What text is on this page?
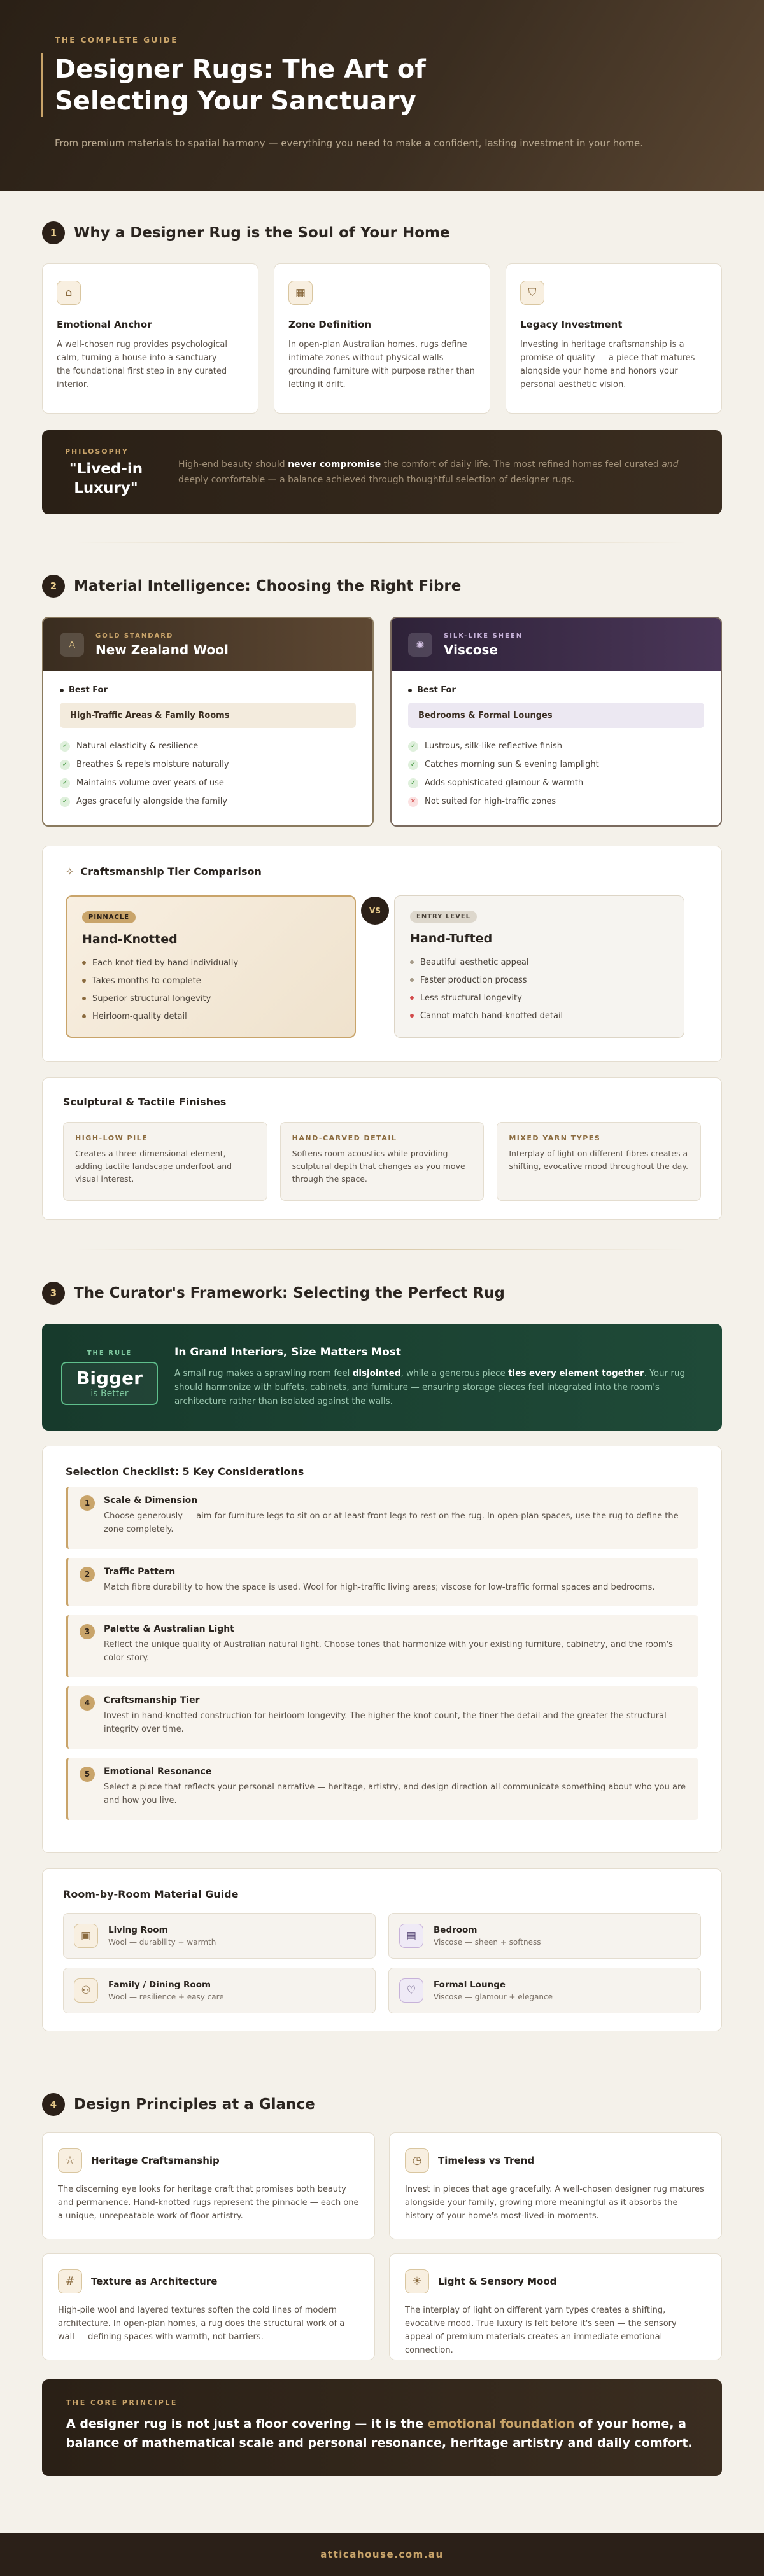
THE COMPLETE GUIDE
Designer Rugs: The Art of Selecting Your Sanctuary

From premium materials to spatial harmony — everything you need to make a confident, lasting investment in your home.

1	Why a Designer Rug is the Soul of Your Home
⌂
Emotional Anchor

A well-chosen rug provides psychological calm, turning a house into a sanctuary — the foundational first step in any curated interior.

▦
Zone Definition

In open-plan Australian homes, rugs define intimate zones without physical walls — grounding furniture with purpose rather than letting it drift.

⛉
Legacy Investment

Investing in heritage craftsmanship is a promise of quality — a piece that matures alongside your home and honors your personal aesthetic vision.

PHILOSOPHY
"Lived-in Luxury"

High-end beauty should never compromise the comfort of daily life. The most refined homes feel curated and deeply comfortable — a balance achieved through thoughtful selection of designer rugs.

2	Material Intelligence: Choosing the Right Fibre
♙
GOLD STANDARD
New Zealand Wool
Best For
High-Traffic Areas & Family Rooms
✓ Natural elasticity & resilience
✓ Breathes & repels moisture naturally
✓ Maintains volume over years of use
✓ Ages gracefully alongside the family
✺
SILK-LIKE SHEEN
Viscose
Best For
Bedrooms & Formal Lounges
✓ Lustrous, silk-like reflective finish
✓ Catches morning sun & evening lamplight
✓ Adds sophisticated glamour & warmth
✕ Not suited for high-traffic zones
✧ Craftsmanship Tier Comparison
PINNACLE
Hand-Knotted
Each knot tied by hand individually
Takes months to complete
Superior structural longevity
Heirloom-quality detail
VS
ENTRY LEVEL
Hand-Tufted
Beautiful aesthetic appeal
Faster production process
Less structural longevity
Cannot match hand-knotted detail
Sculptural & Tactile Finishes
HIGH-LOW PILE

Creates a three-dimensional element, adding tactile landscape underfoot and visual interest.

HAND-CARVED DETAIL

Softens room acoustics while providing sculptural depth that changes as you move through the space.

MIXED YARN TYPES

Interplay of light on different fibres creates a shifting, evocative mood throughout the day.

3	The Curator's Framework: Selecting the Perfect Rug
THE RULE
Bigger
is Better
In Grand Interiors, Size Matters Most

A small rug makes a sprawling room feel disjointed, while a generous piece ties every element together. Your rug should harmonize with buffets, cabinets, and furniture — ensuring storage pieces feel integrated into the room's architecture rather than isolated against the walls.

Selection Checklist: 5 Key Considerations
1	Scale & Dimension

Choose generously — aim for furniture legs to sit on or at least front legs to rest on the rug. In open-plan spaces, use the rug to define the zone completely.

2	Traffic Pattern

Match fibre durability to how the space is used. Wool for high-traffic living areas; viscose for low-traffic formal spaces and bedrooms.

3	Palette & Australian Light

Reflect the unique quality of Australian natural light. Choose tones that harmonize with your existing furniture, cabinetry, and the room's color story.

4	Craftsmanship Tier

Invest in hand-knotted construction for heirloom longevity. The higher the knot count, the finer the detail and the greater the structural integrity over time.

5	Emotional Resonance

Select a piece that reflects your personal narrative — heritage, artistry, and design direction all communicate something about who you are and how you live.

Room-by-Room Material Guide
▣	Living Room

Wool — durability + warmth	▤	Bedroom

Viscose — sheen + softness

⚇	Family / Dining Room

Wool — resilience + easy care	♡	Formal Lounge

Viscose — glamour + elegance

4	Design Principles at a Glance
☆	Heritage Craftsmanship

The discerning eye looks for heritage craft that promises both beauty and permanence. Hand-knotted rugs represent the pinnacle — each one a unique, unrepeatable work of floor artistry.

◷	Timeless vs Trend

Invest in pieces that age gracefully. A well-chosen designer rug matures alongside your family, growing more meaningful as it absorbs the history of your home's most-lived-in moments.

#	Texture as Architecture

High-pile wool and layered textures soften the cold lines of modern architecture. In open-plan homes, a rug does the structural work of a wall — defining spaces with warmth, not barriers.

☀	Light & Sensory Mood

The interplay of light on different yarn types creates a shifting, evocative mood. True luxury is felt before it's seen — the sensory appeal of premium materials creates an immediate emotional connection.

THE CORE PRINCIPLE

A designer rug is not just a floor covering — it is the emotional foundation of your home, a balance of mathematical scale and personal resonance, heritage artistry and daily comfort.

atticahouse.com.au
